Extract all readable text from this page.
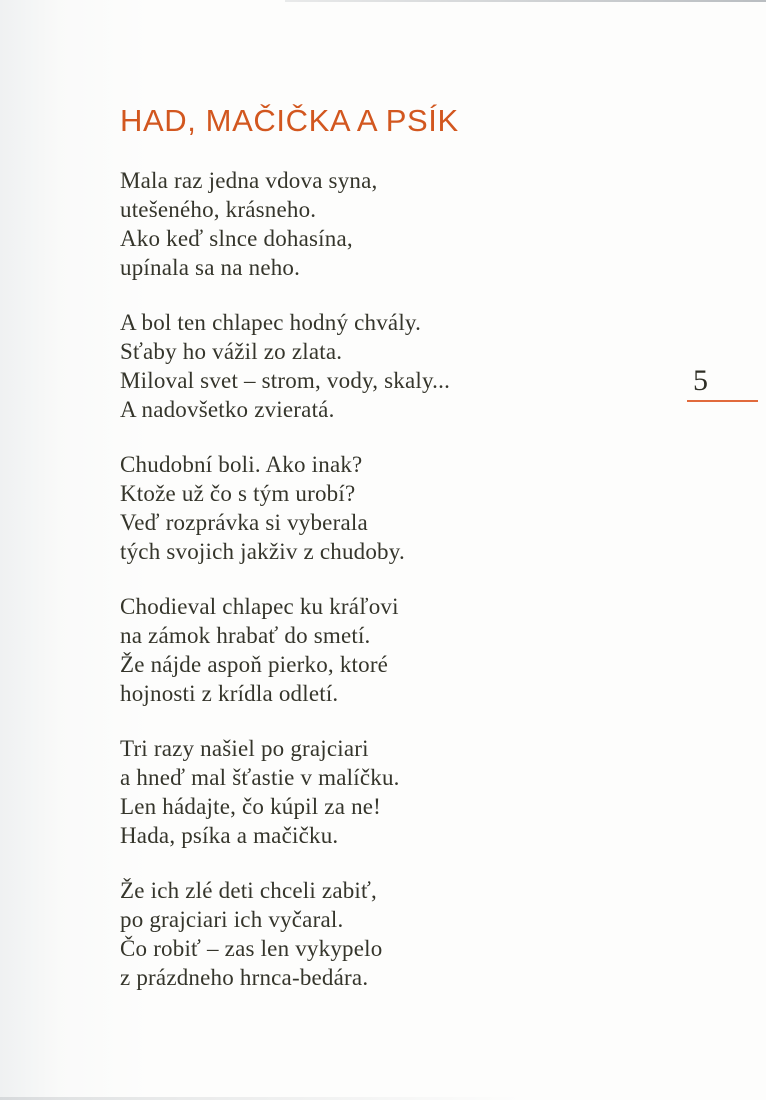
HAD, MAČIČKA A PSÍK
5

Mala raz jedna vdova syna,
utešeného, krásneho.
Ako keď slnce dohasína,
upínala sa na neho.

A bol ten chlapec hodný chvály.
Sťaby ho vážil zo zlata.
Miloval svet – strom, vody, skaly...
A nadovšetko zvieratá.

Chudobní boli. Ako inak?
Ktože už čo s tým urobí?
Veď rozprávka si vyberala
tých svojich jakživ z chudoby.

Chodieval chlapec ku kráľovi
na zámok hrabať do smetí.
Že nájde aspoň pierko, ktoré
hojnosti z krídla odletí.

Tri razy našiel po grajciari
a hneď mal šťastie v malíčku.
Len hádajte, čo kúpil za ne!
Hada, psíka a mačičku.

Že ich zlé deti chceli zabiť,
po grajciari ich vyčaral.
Čo robiť – zas len vykypelo
z prázdneho hrnca-bedára.
